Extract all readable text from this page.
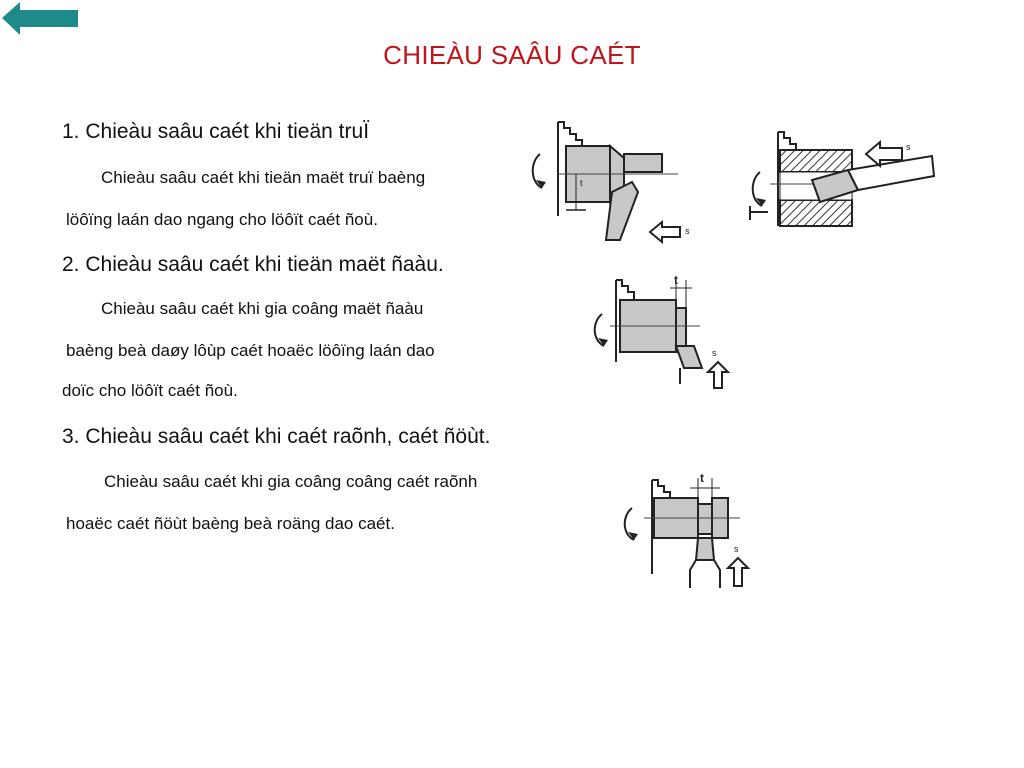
CHIEÀU SAÂU CAÉT
1. Chieàu saâu caét khi tieän truÏ
Chieàu saâu caét khi tieän maët truï baèng
löôïng laán dao ngang cho löôït caét ñoù.
2. Chieàu saâu caét khi tieän maët ñaàu.
Chieàu saâu caét khi gia coâng maët ñaàu
baèng beà daøy lôùp caét hoaëc löôïng laán dao
doïc cho löôït caét ñoù.
3. Chieàu saâu caét khi caét raõnh, caét ñöùt.
Chieàu saâu caét khi gia coâng coâng caét raõnh
hoaëc caét ñöùt baèng beà roäng dao caét.
t
s
s
t
s
t
s
